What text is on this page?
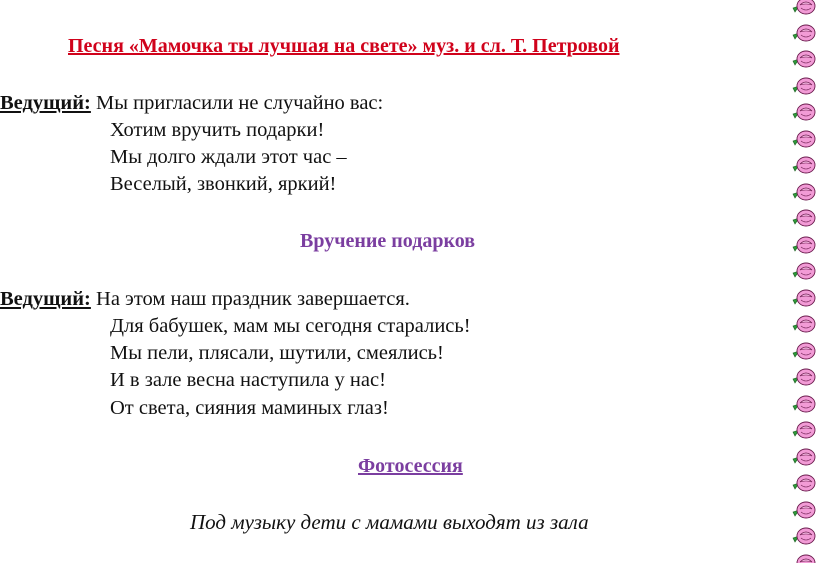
Песня «Мамочка ты лучшая на свете» муз. и сл. Т. Петровой
Ведущий: Мы пригласили не случайно вас:
Хотим вручить подарки!
Мы долго ждали этот час –
Веселый, звонкий, яркий!
Вручение подарков
Ведущий: На этом наш праздник завершается.
Для бабушек, мам мы сегодня старались!
Мы пели, плясали, шутили, смеялись!
И в зале весна наступила у нас!
От света, сияния маминых глаз!
Фотосессия
Под музыку дети с мамами выходят из зала
